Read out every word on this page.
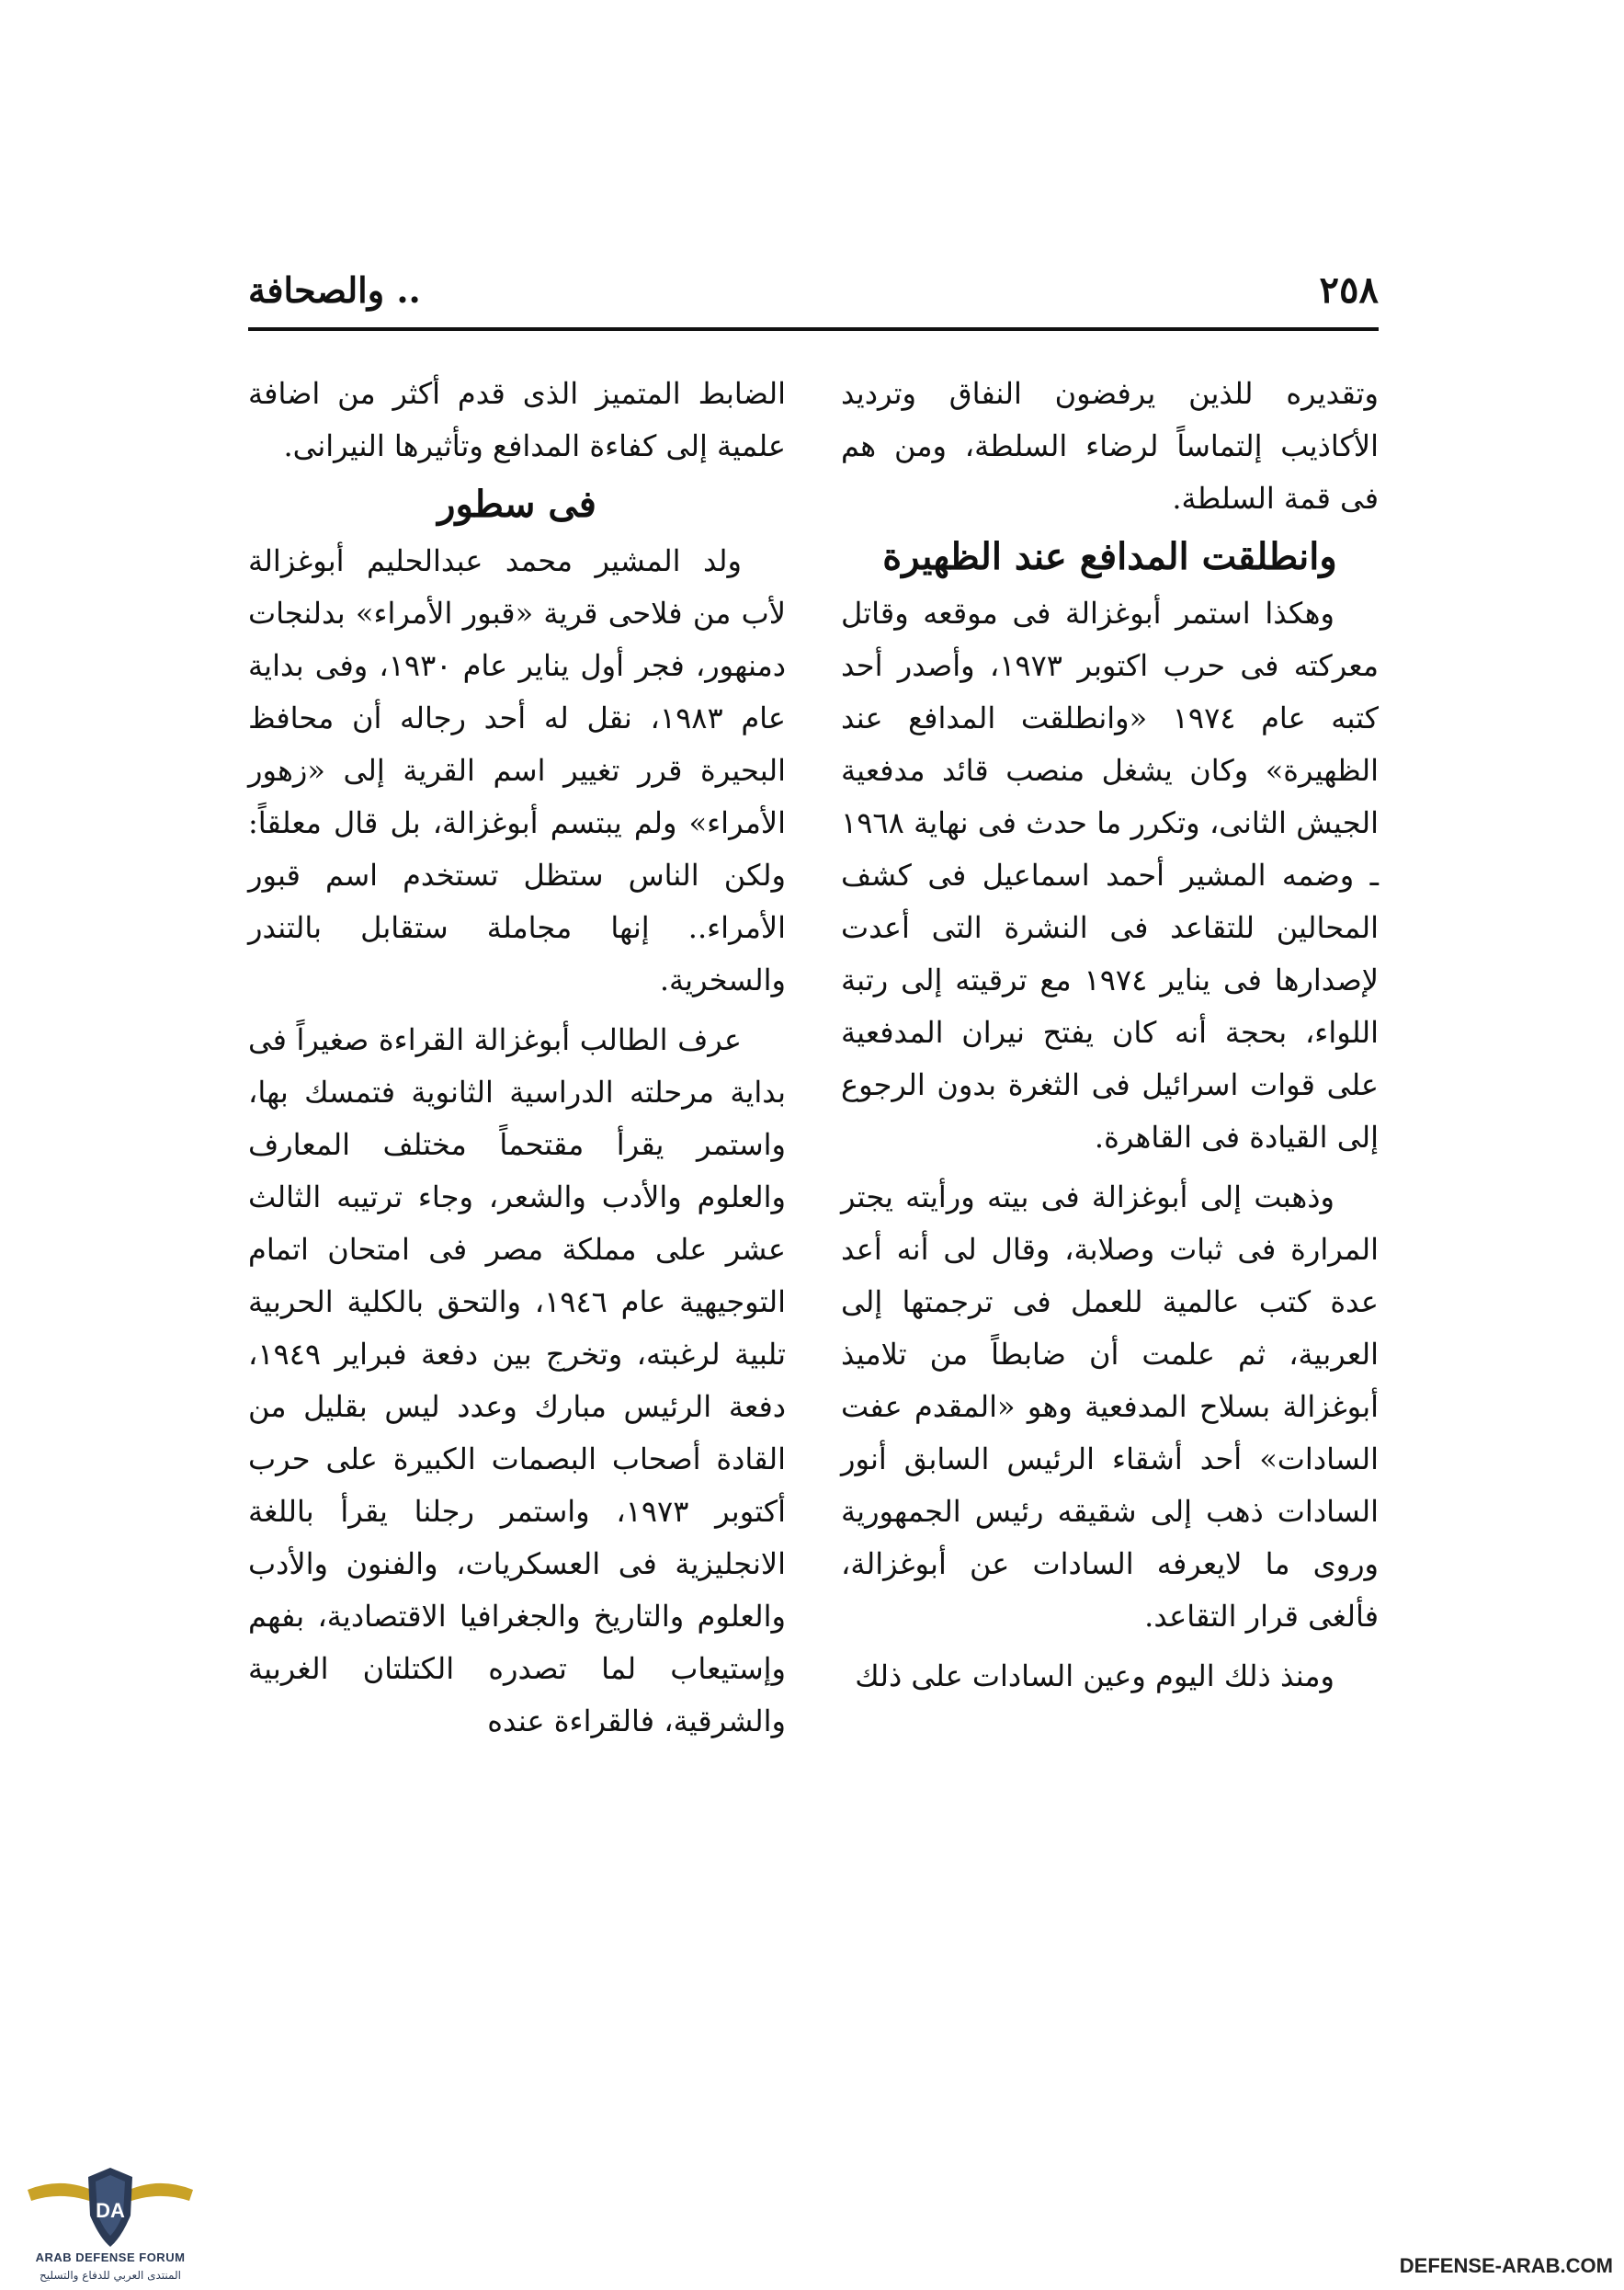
٢٥٨
.. والصحافة

وتقديره للذين يرفضون النفاق وترديد الأكاذيب إلتماساً لرضاء السلطة، ومن هم فى قمة السلطة.

وانطلقت المدافع عند الظهيرة

وهكذا استمر أبوغزالة فى موقعه وقاتل معركته فى حرب اكتوبر ١٩٧٣، وأصدر أحد كتبه عام ١٩٧٤ «وانطلقت المدافع عند الظهيرة» وكان يشغل منصب قائد مدفعية الجيش الثانى، وتكرر ما حدث فى نهاية ١٩٦٨ ـ وضمه المشير أحمد اسماعيل فى كشف المحالين للتقاعد فى النشرة التى أعدت لإصدارها فى يناير ١٩٧٤ مع ترقيته إلى رتبة اللواء، بحجة أنه كان يفتح نيران المدفعية على قوات اسرائيل فى الثغرة بدون الرجوع إلى القيادة فى القاهرة.

وذهبت إلى أبوغزالة فى بيته ورأيته يجتر المرارة فى ثبات وصلابة، وقال لى أنه أعد عدة كتب عالمية للعمل فى ترجمتها إلى العربية، ثم علمت أن ضابطاً من تلاميذ أبوغزالة بسلاح المدفعية وهو «المقدم عفت السادات» أحد أشقاء الرئيس السابق أنور السادات ذهب إلى شقيقه رئيس الجمهورية وروى ما لايعرفه السادات عن أبوغزالة، فألغى قرار التقاعد.

ومنذ ذلك اليوم وعين السادات على ذلك

الضابط المتميز الذى قدم أكثر من اضافة علمية إلى كفاءة المدافع وتأثيرها النيرانى.

فى سطور

ولد المشير محمد عبدالحليم أبوغزالة لأب من فلاحى قرية «قبور الأمراء» بدلنجات دمنهور، فجر أول يناير عام ١٩٣٠، وفى بداية عام ١٩٨٣، نقل له أحد رجاله أن محافظ البحيرة قرر تغيير اسم القرية إلى «زهور الأمراء» ولم يبتسم أبوغزالة، بل قال معلقاً: ولكن الناس ستظل تستخدم اسم قبور الأمراء.. إنها مجاملة ستقابل بالتندر والسخرية.

عرف الطالب أبوغزالة القراءة صغيراً فى بداية مرحلته الدراسية الثانوية فتمسك بها، واستمر يقرأ مقتحماً مختلف المعارف والعلوم والأدب والشعر، وجاء ترتيبه الثالث عشر على مملكة مصر فى امتحان اتمام التوجيهية عام ١٩٤٦، والتحق بالكلية الحربية تلبية لرغبته، وتخرج بين دفعة فبراير ١٩٤٩، دفعة الرئيس مبارك وعدد ليس بقليل من القادة أصحاب البصمات الكبيرة على حرب أكتوبر ١٩٧٣، واستمر رجلنا يقرأ باللغة الانجليزية فى العسكريات، والفنون والأدب والعلوم والتاريخ والجغرافيا الاقتصادية، بفهم وإستيعاب لما تصدره الكتلتان الغربية والشرقية، فالقراءة عنده

DA
ARAB DEFENSE FORUM
المنتدى العربي للدفاع والتسليح	DEFENSE-ARAB.COM
